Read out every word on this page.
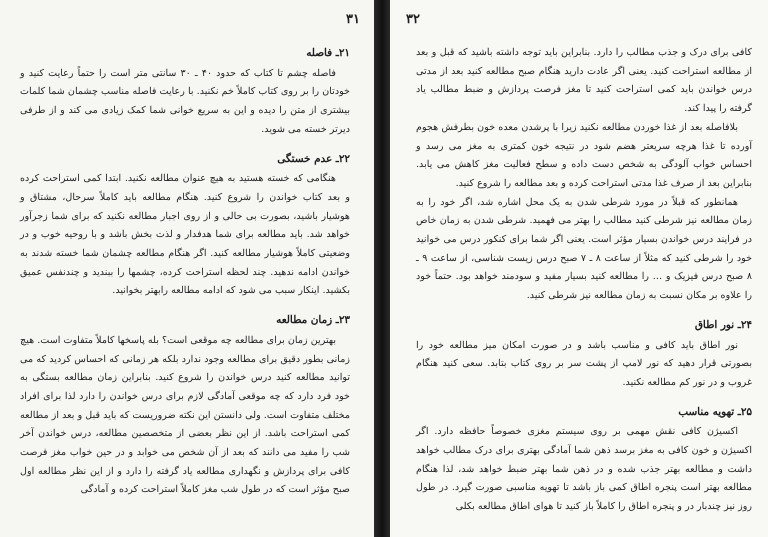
۳۱
۲۱ـ فاصله

فاصله چشم تا کتاب که حدود ۴۰ ـ ۳۰ سانتی متر است را حتماً رعایت کنید و خودتان را بر روی کتاب کاملاً خم نکنید. با رعایت فاصله مناسب چشمان شما کلمات بیشتری از متن را دیده و این به سریع خوانی شما کمک زیادی می کند و از طرفی دیرتر خسته می شوید.

۲۲ـ عدم خستگی

هنگامی که خسته هستید به هیچ عنوان مطالعه نکنید. ابتدا کمی استراحت کرده و بعد کتاب خواندن را شروع کنید. هنگام مطالعه باید کاملاً سرحال، مشتاق و هوشیار باشید، بصورت بی حالی و از روی اجبار مطالعه نکنید که برای شما زجرآور خواهد شد. باید مطالعه برای شما هدفدار و لذت بخش باشد و با روحیه خوب و در وضعیتی کاملاً هوشیار مطالعه کنید. اگر هنگام مطالعه چشمان شما خسته شدند به خواندن ادامه ندهید. چند لحظه استراحت کرده، چشمها را ببندید و چندنفس عمیق بکشید. اینکار سبب می شود که ادامه مطالعه رابهتر بخوانید.

۲۳ـ زمان مطالعه

بهترین زمان برای مطالعه چه موقعی است؟ بله پاسخها کاملاً متفاوت است. هیچ زمانی بطور دقیق برای مطالعه وجود ندارد بلکه هر زمانی که احساس کردید که می توانید مطالعه کنید درس خواندن را شروع کنید. بنابراین زمان مطالعه بستگی به خود فرد دارد که چه موقعی آمادگی لازم برای درس خواندن را دارد لذا برای افراد مختلف متفاوت است. ولی دانستن این نکته ضروریست که باید قبل و بعد از مطالعه کمی استراحت باشد. از این نظر بعضی از متخصصین مطالعه، درس خواندن آخر شب را مفید می دانند که بعد از آن شخص می خوابد و در حین خواب مغز فرصت کافی برای پردازش و نگهداری مطالعه یاد گرفته را دارد و از این نظر مطالعه اول صبح مؤثر است که در طول شب مغز کاملاً استراحت کرده و آمادگی

۳۲

کافی برای درک و جذب مطالب را دارد. بنابراین باید توجه داشته باشید که قبل و بعد از مطالعه استراحت کنید. یعنی اگر عادت دارید هنگام صبح مطالعه کنید بعد از مدتی درس خواندن باید کمی استراحت کنید تا مغز فرصت پردازش و ضبط مطالب یاد گرفته را پیدا کند.

بلافاصله بعد از غذا خوردن مطالعه نکنید زیرا با پرشدن معده خون بطرفش هجوم آورده تا غذا هرچه سریعتر هضم شود در نتیجه خون کمتری به مغز می رسد و احساس خواب آلودگی به شخص دست داده و سطح فعالیت مغز کاهش می یابد. بنابراین بعد از صرف غذا مدتی استراحت کرده و بعد مطالعه را شروع کنید.

همانطور که قبلاً در مورد شرطی شدن به یک محل اشاره شد، اگر خود را به زمان مطالعه نیز شرطی کنید مطالب را بهتر می فهمید. شرطی شدن به زمان خاص در فرایند درس خواندن بسیار مؤثر است. یعنی اگر شما برای کنکور درس می خوانید خود را شرطی کنید که مثلاً از ساعت ۸ ـ ۷ صبح درس زیست شناسی، از ساعت ۹ ـ ۸ صبح درس فیزیک و … را مطالعه کنید بسیار مفید و سودمند خواهد بود. حتماً خود را علاوه بر مکان نسبت به زمان مطالعه نیز شرطی کنید.

۲۴ـ نور اطاق

نور اطاق باید کافی و مناسب باشد و در صورت امکان میز مطالعه خود را بصورتی قرار دهید که نور لامپ از پشت سر بر روی کتاب بتابد. سعی کنید هنگام غروب و در نور کم مطالعه نکنید.

۲۵ـ تهویه مناسب

اکسیژن کافی نقش مهمی بر روی سیستم مغزی خصوصاً حافظه دارد. اگر اکسیژن و خون کافی به مغز برسد ذهن شما آمادگی بهتری برای درک مطالب خواهد داشت و مطالعه بهتر جذب شده و در ذهن شما بهتر ضبط خواهد شد، لذا هنگام مطالعه بهتر است پنجره اطاق کمی باز باشد تا تهویه مناسبی صورت گیرد. در طول روز نیز چندبار در و پنجره اطاق را کاملاً باز کنید تا هوای اطاق مطالعه بکلی
